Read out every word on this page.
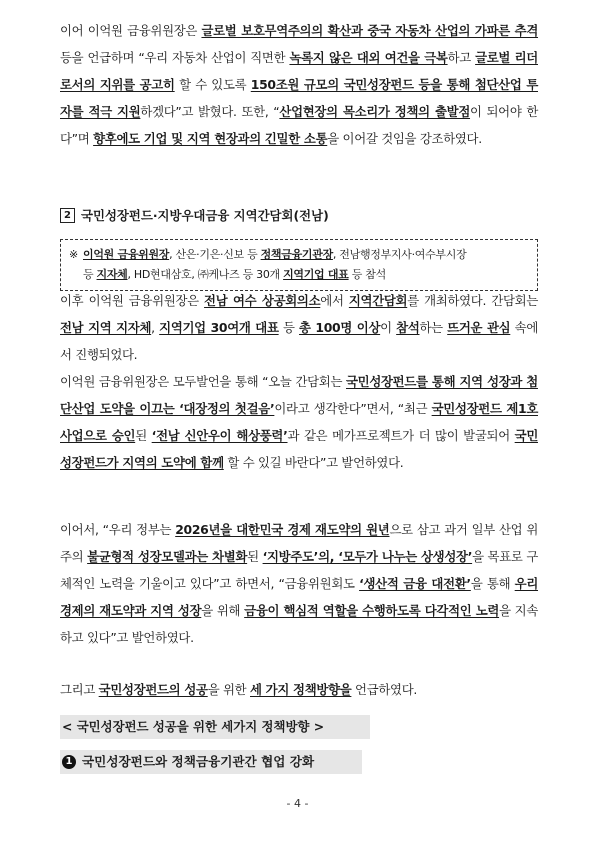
이어 이억원 금융위원장은 글로벌 보호무역주의의 확산과 중국 자동차 산업의 가파른 추격 등을 언급하며 “우리 자동차 산업이 직면한 녹록지 않은 대외 여건을 극복하고 글로벌 리더로서의 지위를 공고히 할 수 있도록 150조원 규모의 국민성장펀드 등을 통해 첨단산업 투자를 적극 지원하겠다”고 밝혔다. 또한, “산업현장의 목소리가 정책의 출발점이 되어야 한다”며 향후에도 기업 및 지역 현장과의 긴밀한 소통을 이어갈 것임을 강조하였다.

2 국민성장펀드·지방우대금융 지역간담회(전남)
※ 이억원 금융위원장, 산은·기은·신보 등 정책금융기관장, 전남행정부지사·여수부시장
등 지자체, HD현대삼호, ㈜케나즈 등 30개 지역기업 대표 등 참석

이후 이억원 금융위원장은 전남 여수 상공회의소에서 지역간담회를 개최하였다. 간담회는 전남 지역 지자체, 지역기업 30여개 대표 등 총 100명 이상이 참석하는 뜨거운 관심 속에서 진행되었다.

이억원 금융위원장은 모두발언을 통해 “오늘 간담회는 국민성장펀드를 통해 지역 성장과 첨단산업 도약을 이끄는 ‘대장정의 첫걸음’이라고 생각한다”면서, “최근 국민성장펀드 제1호 사업으로 승인된 ‘전남 신안우이 해상풍력’과 같은 메가프로젝트가 더 많이 발굴되어 국민성장펀드가 지역의 도약에 함께 할 수 있길 바란다”고 발언하였다.

이어서, “우리 정부는 2026년을 대한민국 경제 재도약의 원년으로 삼고 과거 일부 산업 위주의 불균형적 성장모델과는 차별화된 ‘지방주도’의, ‘모두가 나누는 상생성장’을 목표로 구체적인 노력을 기울이고 있다”고 하면서, “금융위원회도 ‘생산적 금융 대전환’을 통해 우리 경제의 재도약과 지역 성장을 위해 금융이 핵심적 역할을 수행하도록 다각적인 노력을 지속하고 있다”고 발언하였다.

그리고 국민성장펀드의 성공을 위한 세 가지 정책방향을 언급하였다.

< 국민성장펀드 성공을 위한 세가지 정책방향 >
1 국민성장펀드와 정책금융기관간 협업 강화
- 4 -
